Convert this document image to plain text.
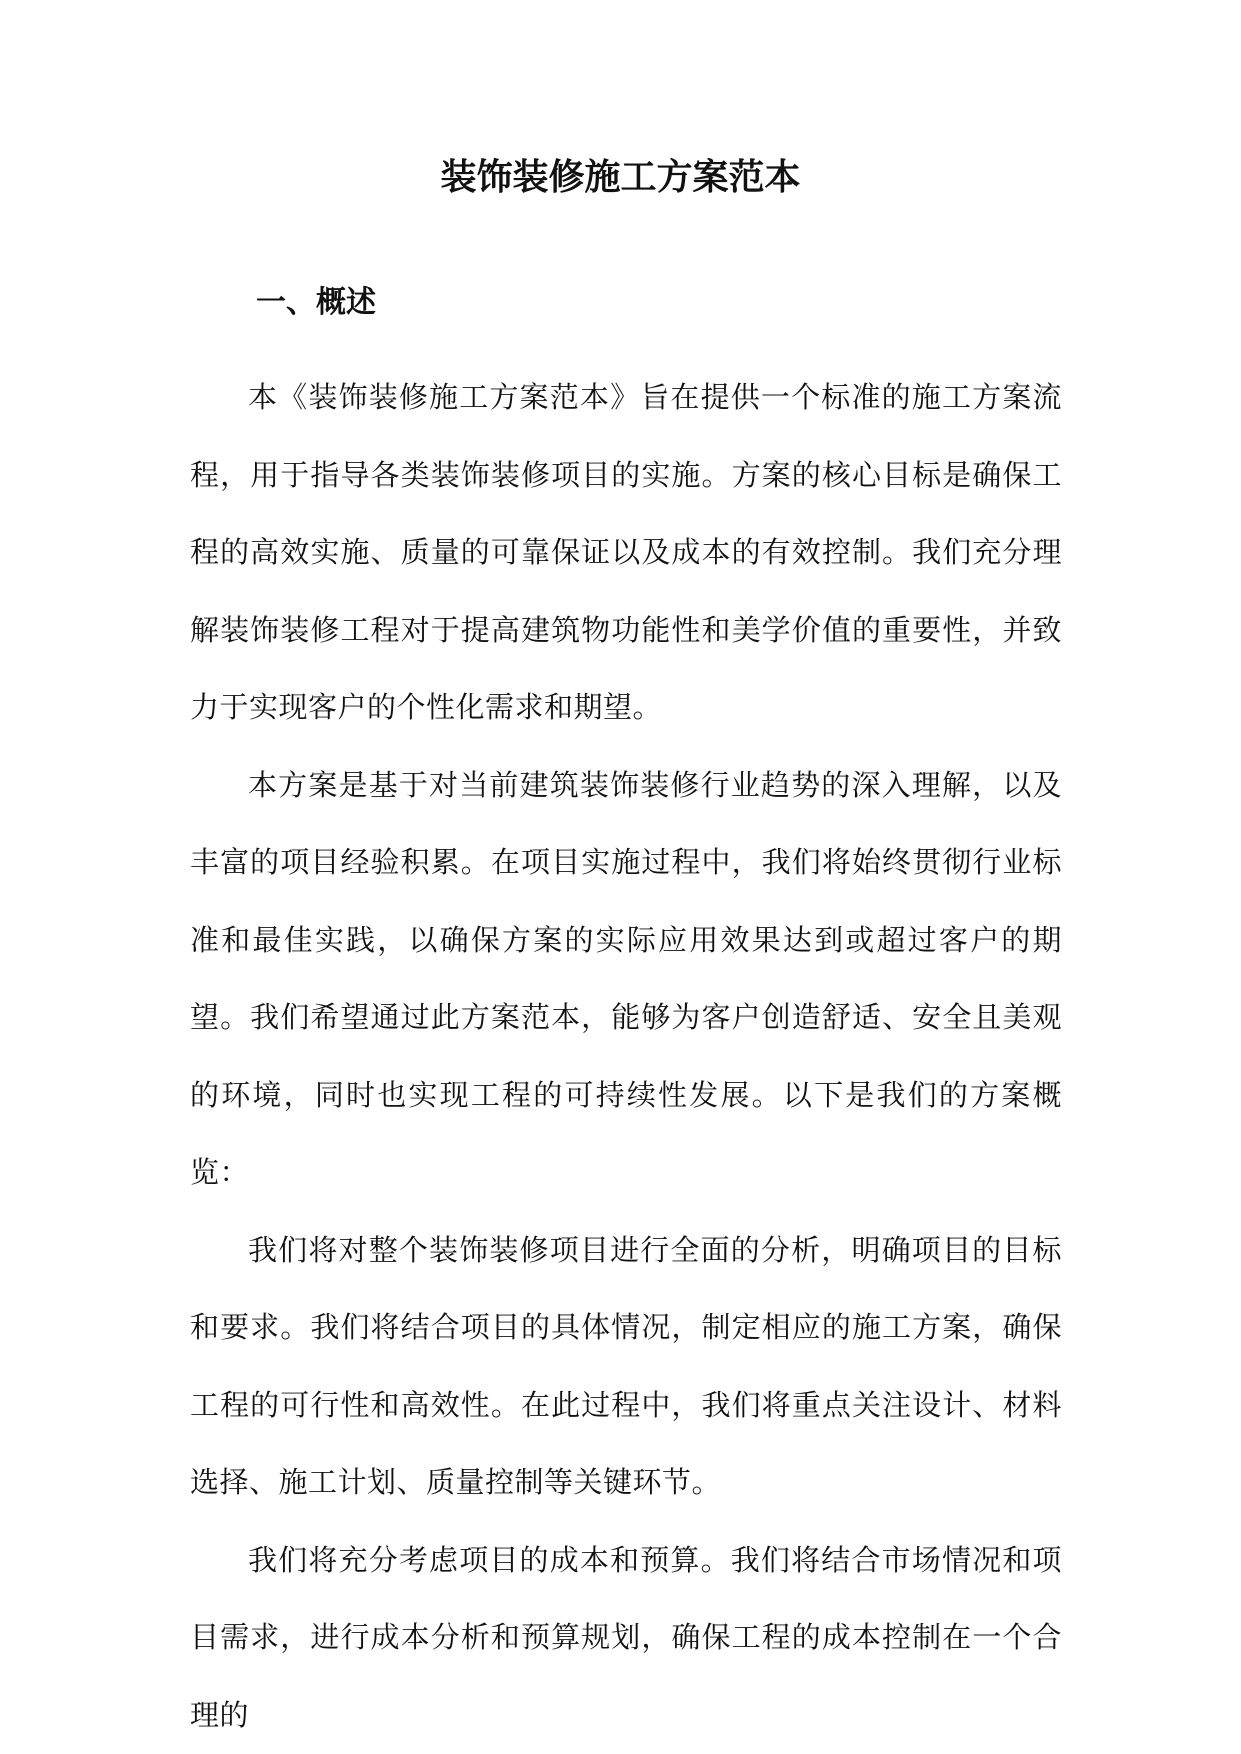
装饰装修施工方案范本
一、概述

本《装饰装修施工方案范本》旨在提供一个标准的施工方案流程，用于指导各类装饰装修项目的实施。方案的核心目标是确保工程的高效实施、质量的可靠保证以及成本的有效控制。我们充分理解装饰装修工程对于提高建筑物功能性和美学价值的重要性，并致力于实现客户的个性化需求和期望。

本方案是基于对当前建筑装饰装修行业趋势的深入理解，以及丰富的项目经验积累。在项目实施过程中，我们将始终贯彻行业标准和最佳实践，以确保方案的实际应用效果达到或超过客户的期望。我们希望通过此方案范本，能够为客户创造舒适、安全且美观的环境，同时也实现工程的可持续性发展。以下是我们的方案概览：

我们将对整个装饰装修项目进行全面的分析，明确项目的目标和要求。我们将结合项目的具体情况，制定相应的施工方案，确保工程的可行性和高效性。在此过程中，我们将重点关注设计、材料选择、施工计划、质量控制等关键环节。

我们将充分考虑项目的成本和预算。我们将结合市场情况和项目需求，进行成本分析和预算规划，确保工程的成本控制在一个合理的
